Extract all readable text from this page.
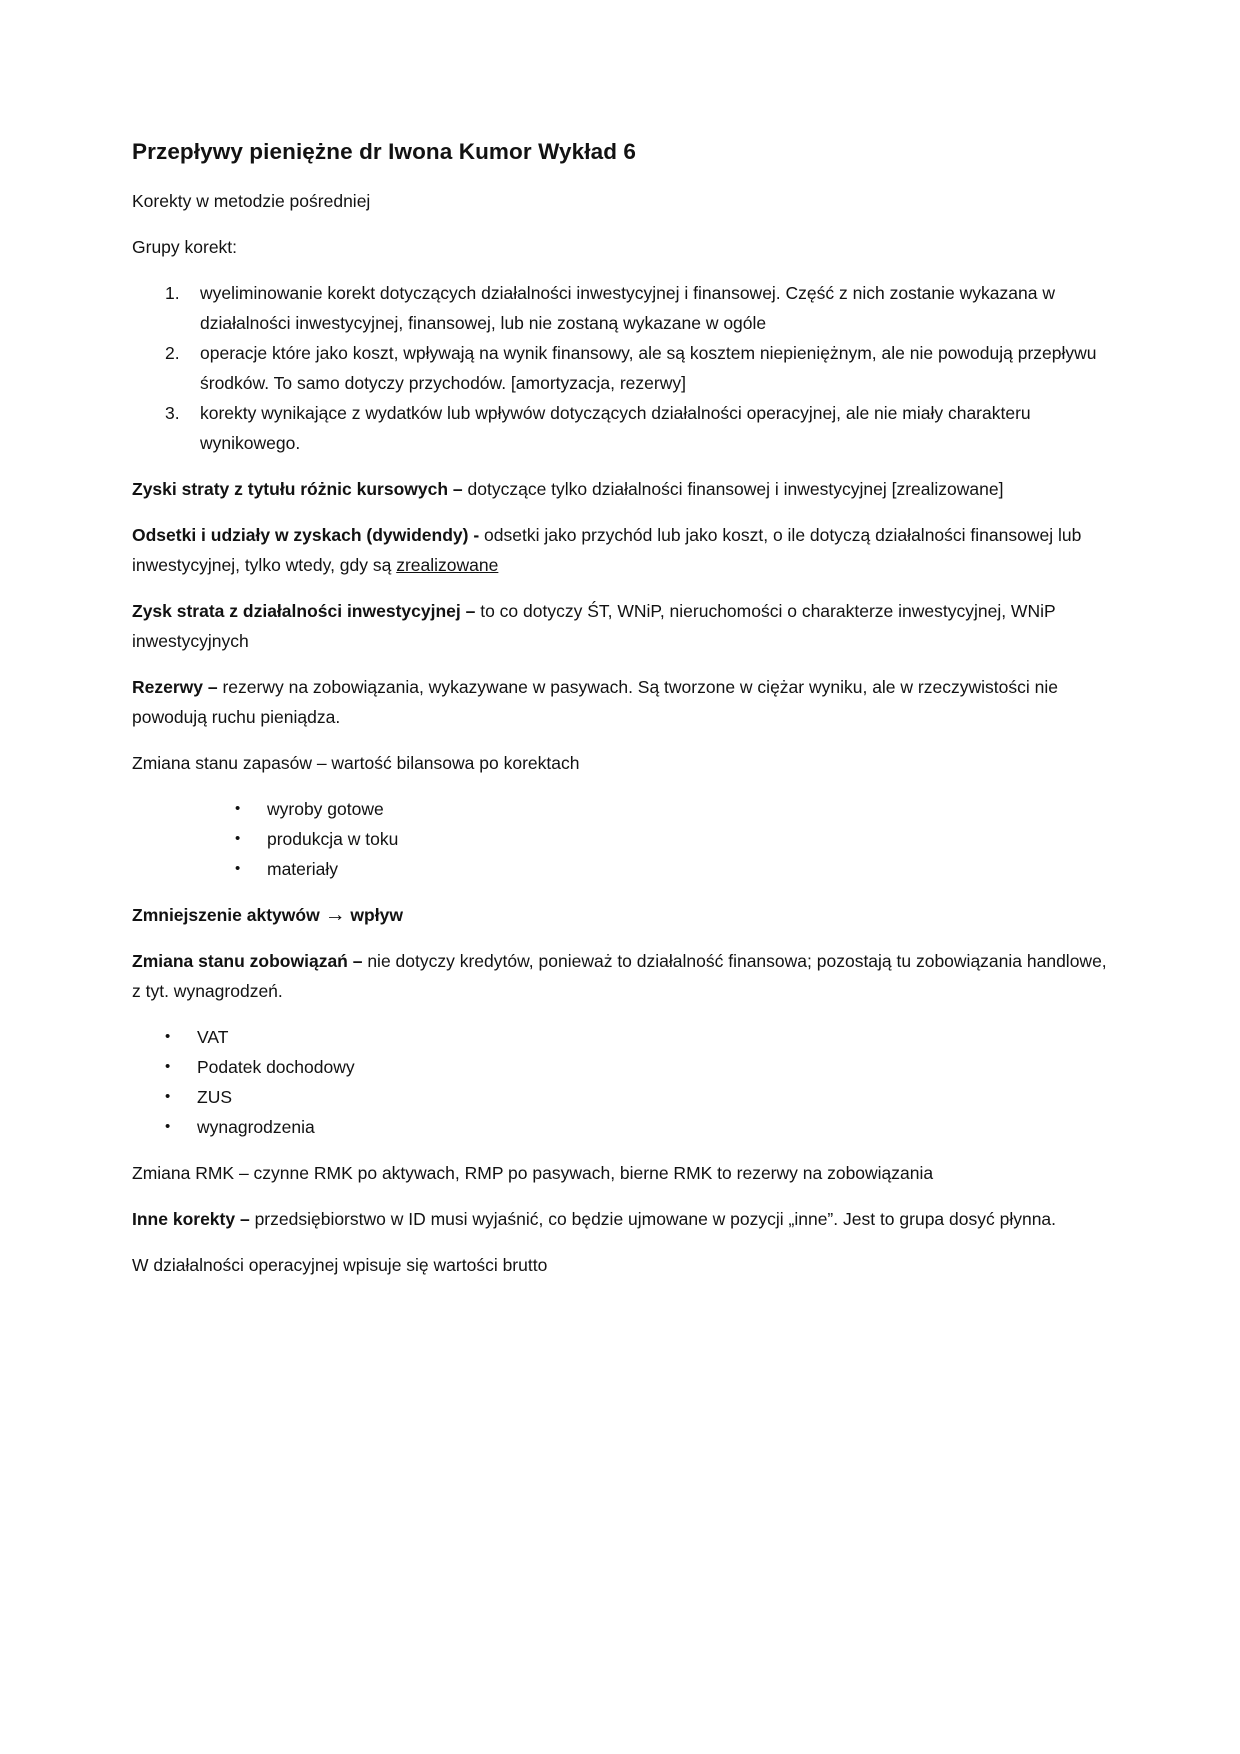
Przepływy pieniężne dr Iwona Kumor Wykład 6

Korekty w metodzie pośredniej

Grupy korekt:

1.	wyeliminowanie korekt dotyczących działalności inwestycyjnej i finansowej. Część z nich zostanie wykazana w działalności inwestycyjnej, finansowej, lub nie zostaną wykazane w ogóle
2.	operacje które jako koszt, wpływają na wynik finansowy, ale są kosztem niepieniężnym, ale nie powodują przepływu środków. To samo dotyczy przychodów. [amortyzacja, rezerwy]
3.	korekty wynikające z wydatków lub wpływów dotyczących działalności operacyjnej, ale nie miały charakteru wynikowego.

Zyski straty z tytułu różnic kursowych – dotyczące tylko działalności finansowej i inwestycyjnej [zrealizowane]

Odsetki i udziały w zyskach (dywidendy) - odsetki jako przychód lub jako koszt, o ile dotyczą działalności finansowej lub inwestycyjnej, tylko wtedy, gdy są zrealizowane

Zysk strata z działalności inwestycyjnej – to co dotyczy ŚT, WNiP, nieruchomości o charakterze inwestycyjnej, WNiP inwestycyjnych

Rezerwy – rezerwy na zobowiązania, wykazywane w pasywach. Są tworzone w ciężar wyniku, ale w rzeczywistości nie powodują ruchu pieniądza.

Zmiana stanu zapasów – wartość bilansowa po korektach

•	wyroby gotowe
•	produkcja w toku
•	materiały

Zmniejszenie aktywów → wpływ

Zmiana stanu zobowiązań – nie dotyczy kredytów, ponieważ to działalność finansowa; pozostają tu zobowiązania handlowe, z tyt. wynagrodzeń.

•	VAT
•	Podatek dochodowy
•	ZUS
•	wynagrodzenia

Zmiana RMK – czynne RMK po aktywach, RMP po pasywach, bierne RMK to rezerwy na zobowiązania

Inne korekty – przedsiębiorstwo w ID musi wyjaśnić, co będzie ujmowane w pozycji „inne”. Jest to grupa dosyć płynna.

W działalności operacyjnej wpisuje się wartości brutto
